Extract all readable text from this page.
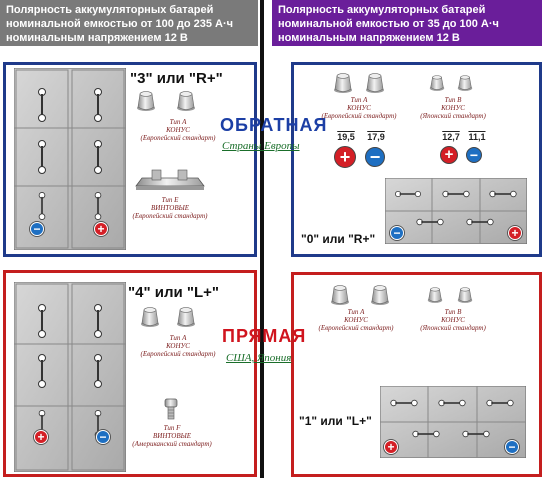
Полярность аккумуляторных батарей
номинальной емкостью от 100 до 235 А·ч
номинальным напряжением 12 В
Полярность аккумуляторных батарей
номинальной емкостью от 35 до 100 А·ч
номинальным напряжением 12 В
−	+
"3" или "R+"
Тип A
КОНУС
(Европейский стандарт)
Тип E
ВИНТОВЫЕ
(Европейский стандарт)
ОБРАТНАЯ
Страны Европы
ПРЯМАЯ
США, Япония
Тип A
КОНУС
(Европейский стандарт)
Тип B
КОНУС
(Японский стандарт)
19,5	17,9	12,7 11,1
+	−	+	−
−	+
"0" или "R+"
+	−
"4" или "L+"
Тип A
КОНУС
(Европейский стандарт)
Тип F
ВИНТОВЫЕ
(Американский стандарт)
Тип A
КОНУС
(Европейский стандарт)
Тип B
КОНУС
(Японский стандарт)
+	−
"1" или "L+"
